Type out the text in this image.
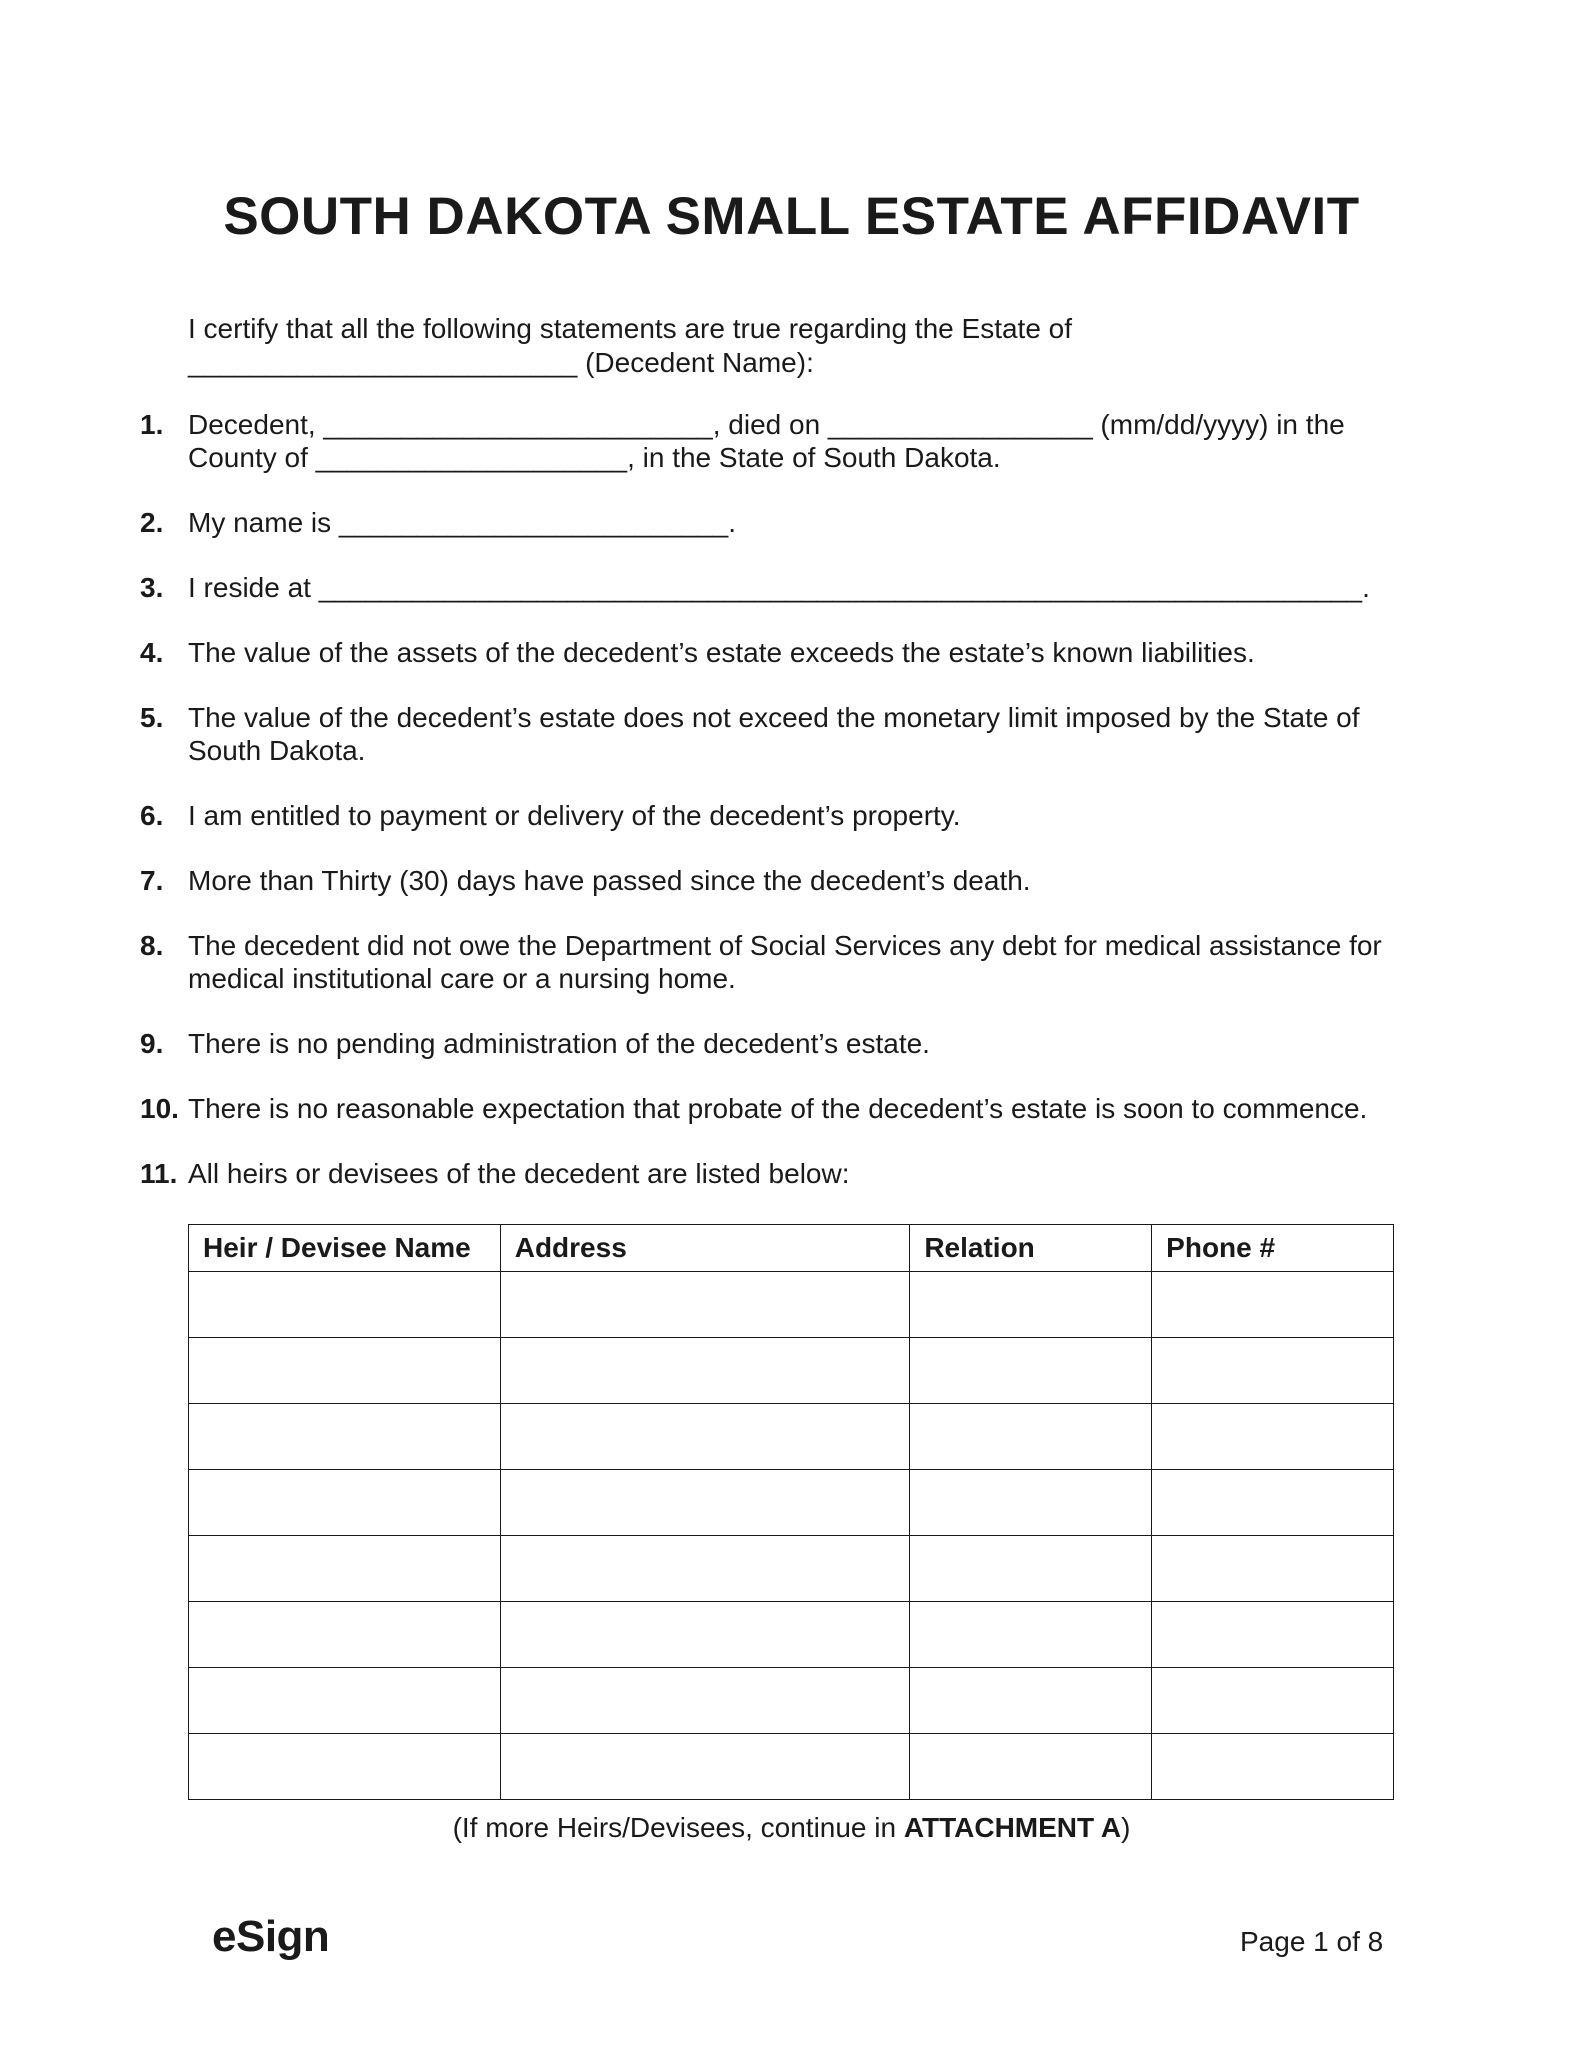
SOUTH DAKOTA SMALL ESTATE AFFIDAVIT
I certify that all the following statements are true regarding the Estate of
_________________________ (Decedent Name):
1. Decedent, _________________________, died on _________________ (mm/dd/yyyy) in the County of ____________________, in the State of South Dakota.
2. My name is _________________________.
3. I reside at ___________________________________________________________________.
4. The value of the assets of the decedent’s estate exceeds the estate’s known liabilities.
5. The value of the decedent’s estate does not exceed the monetary limit imposed by the State of South Dakota.
6. I am entitled to payment or delivery of the decedent’s property.
7. More than Thirty (30) days have passed since the decedent’s death.
8. The decedent did not owe the Department of Social Services any debt for medical assistance for medical institutional care or a nursing home.
9. There is no pending administration of the decedent’s estate.
10. There is no reasonable expectation that probate of the decedent’s estate is soon to commence.
11. All heirs or devisees of the decedent are listed below:
Heir / Devisee Name	Address	Relation	Phone #

(If more Heirs/Devisees, continue in ATTACHMENT A)
eSign	Page 1 of 8
